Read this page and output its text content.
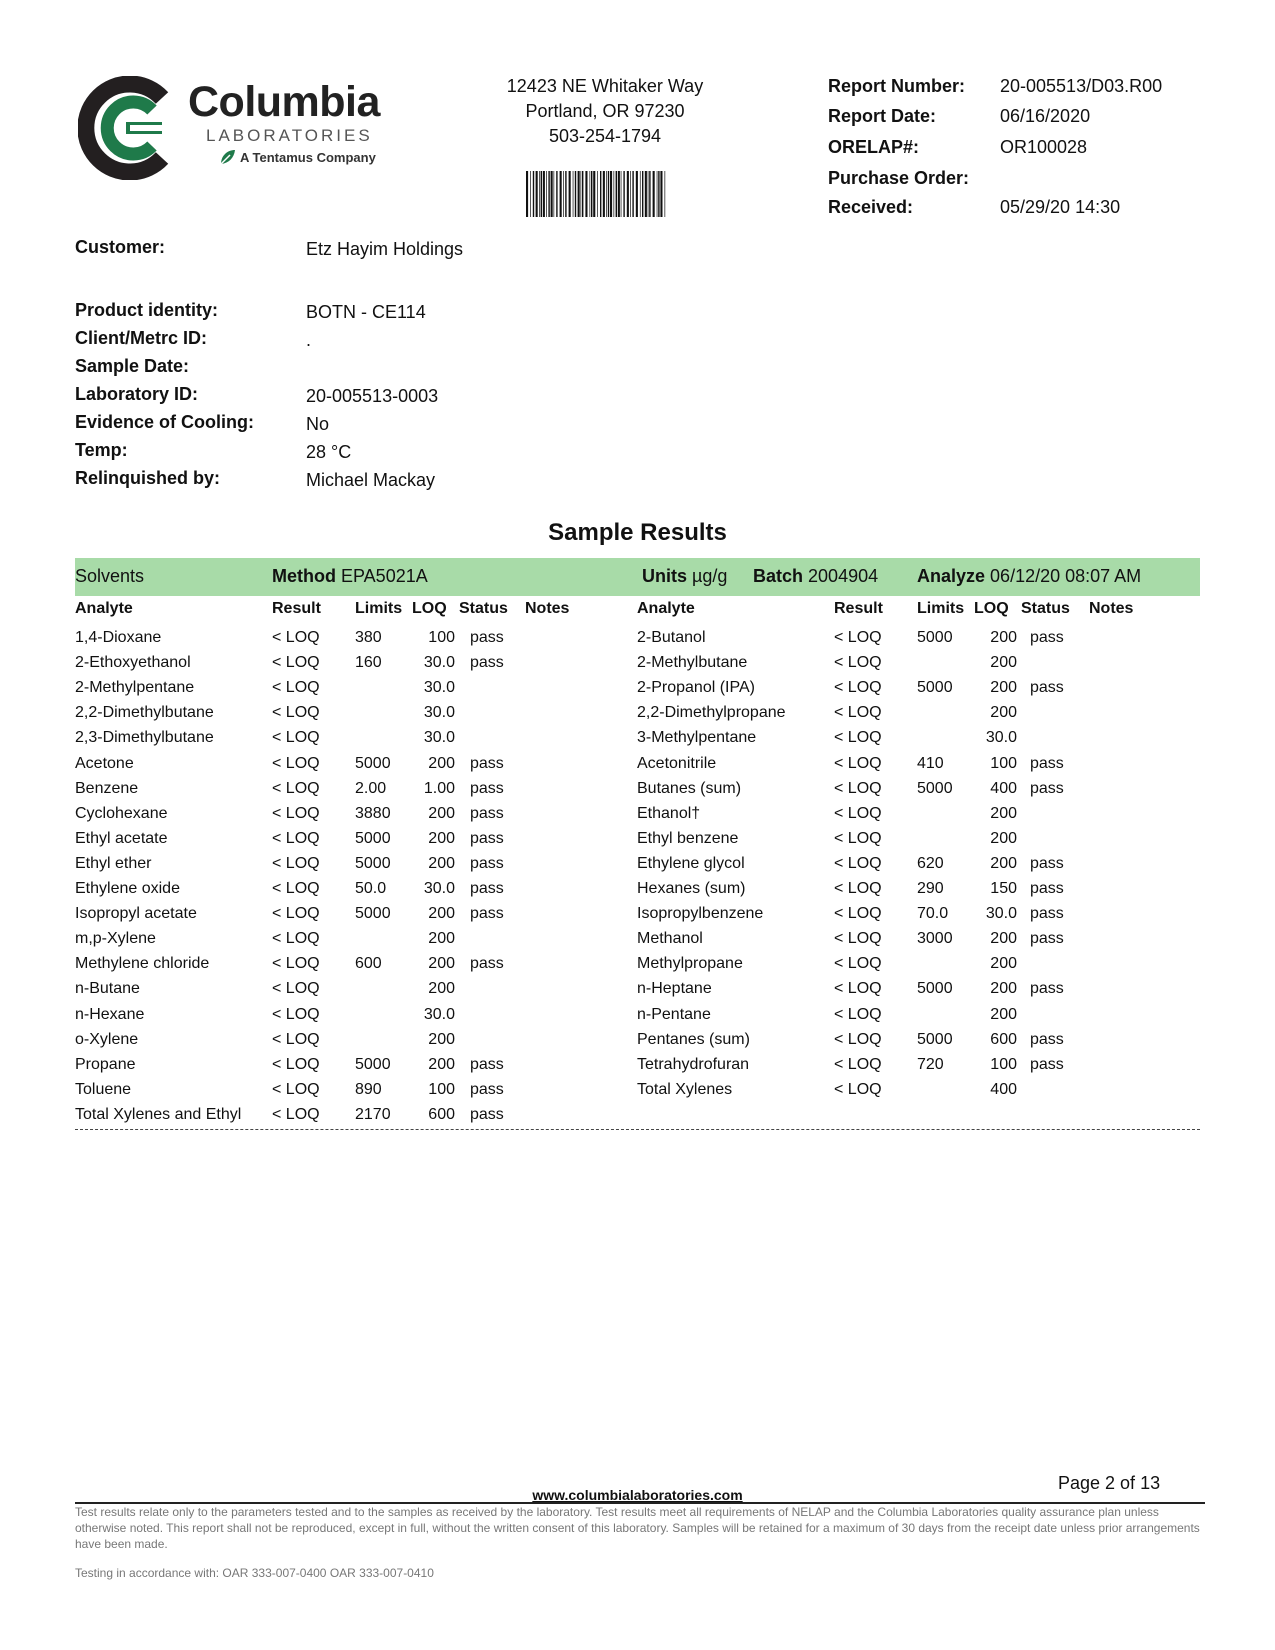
Columbia
LABORATORIES
A Tentamus Company
12423 NE Whitaker Way
Portland, OR 97230
503-254-1794
Report Number: 20-005513/D03.R00
Report Date:	06/16/2020
ORELAP#:	OR100028
Purchase Order:
Received:	05/29/20 14:30
Customer:	Etz Hayim Holdings
Product identity:	BOTN - CE114
Client/Metrc ID:	.
Sample Date:
Laboratory ID:	20-005513-0003
Evidence of Cooling:	No
Temp:	28 °C
Relinquished by:	Michael Mackay
Sample Results
Solvents	Method EPA5021A	Units µg/g Batch 2004904 Analyze 06/12/20 08:07 AM
Analyte	Result Limits LOQ Status Notes
1,4-Dioxane	< LOQ 380	100 pass
2-Ethoxyethanol	< LOQ 160	30.0 pass
2-Methylpentane	< LOQ	30.0
2,2-Dimethylbutane	< LOQ	30.0
2,3-Dimethylbutane	< LOQ	30.0
Acetone	< LOQ 5000	200 pass
Benzene	< LOQ 2.00	1.00 pass
Cyclohexane	< LOQ 3880	200 pass
Ethyl acetate	< LOQ 5000	200 pass
Ethyl ether	< LOQ 5000	200 pass
Ethylene oxide	< LOQ 50.0	30.0 pass
Isopropyl acetate	< LOQ 5000	200 pass
m,p-Xylene	< LOQ	200
Methylene chloride	< LOQ 600	200 pass
n-Butane	< LOQ	200
n-Hexane	< LOQ	30.0
o-Xylene	< LOQ	200
Propane	< LOQ 5000	200 pass
Toluene	< LOQ 890	100 pass
Total Xylenes and Ethyl < LOQ 2170	600 pass
Analyte	Result Limits LOQ Status Notes
2-Butanol	< LOQ 5000	200 pass
2-Methylbutane	< LOQ	200
2-Propanol (IPA)	< LOQ 5000	200 pass
2,2-Dimethylpropane	< LOQ	200
3-Methylpentane	< LOQ	30.0
Acetonitrile	< LOQ 410	100 pass
Butanes (sum)	< LOQ 5000	400 pass
Ethanol†	< LOQ	200
Ethyl benzene	< LOQ	200
Ethylene glycol	< LOQ 620	200 pass
Hexanes (sum)	< LOQ 290	150 pass
Isopropylbenzene	< LOQ 70.0	30.0 pass
Methanol	< LOQ 3000	200 pass
Methylpropane	< LOQ	200
n-Heptane	< LOQ 5000	200 pass
n-Pentane	< LOQ	200
Pentanes (sum)	< LOQ 5000	600 pass
Tetrahydrofuran	< LOQ 720	100 pass
Total Xylenes	< LOQ	400
Page 2 of 13
www.columbialaboratories.com
Test results relate only to the parameters tested and to the samples as received by the laboratory. Test results meet all requirements of NELAP and the Columbia Laboratories quality assurance plan unless otherwise noted. This report shall not be reproduced, except in full, without the written consent of this laboratory. Samples will be retained for a maximum of 30 days from the receipt date unless prior arrangements have been made.
Testing in accordance with: OAR 333-007-0400 OAR 333-007-0410
